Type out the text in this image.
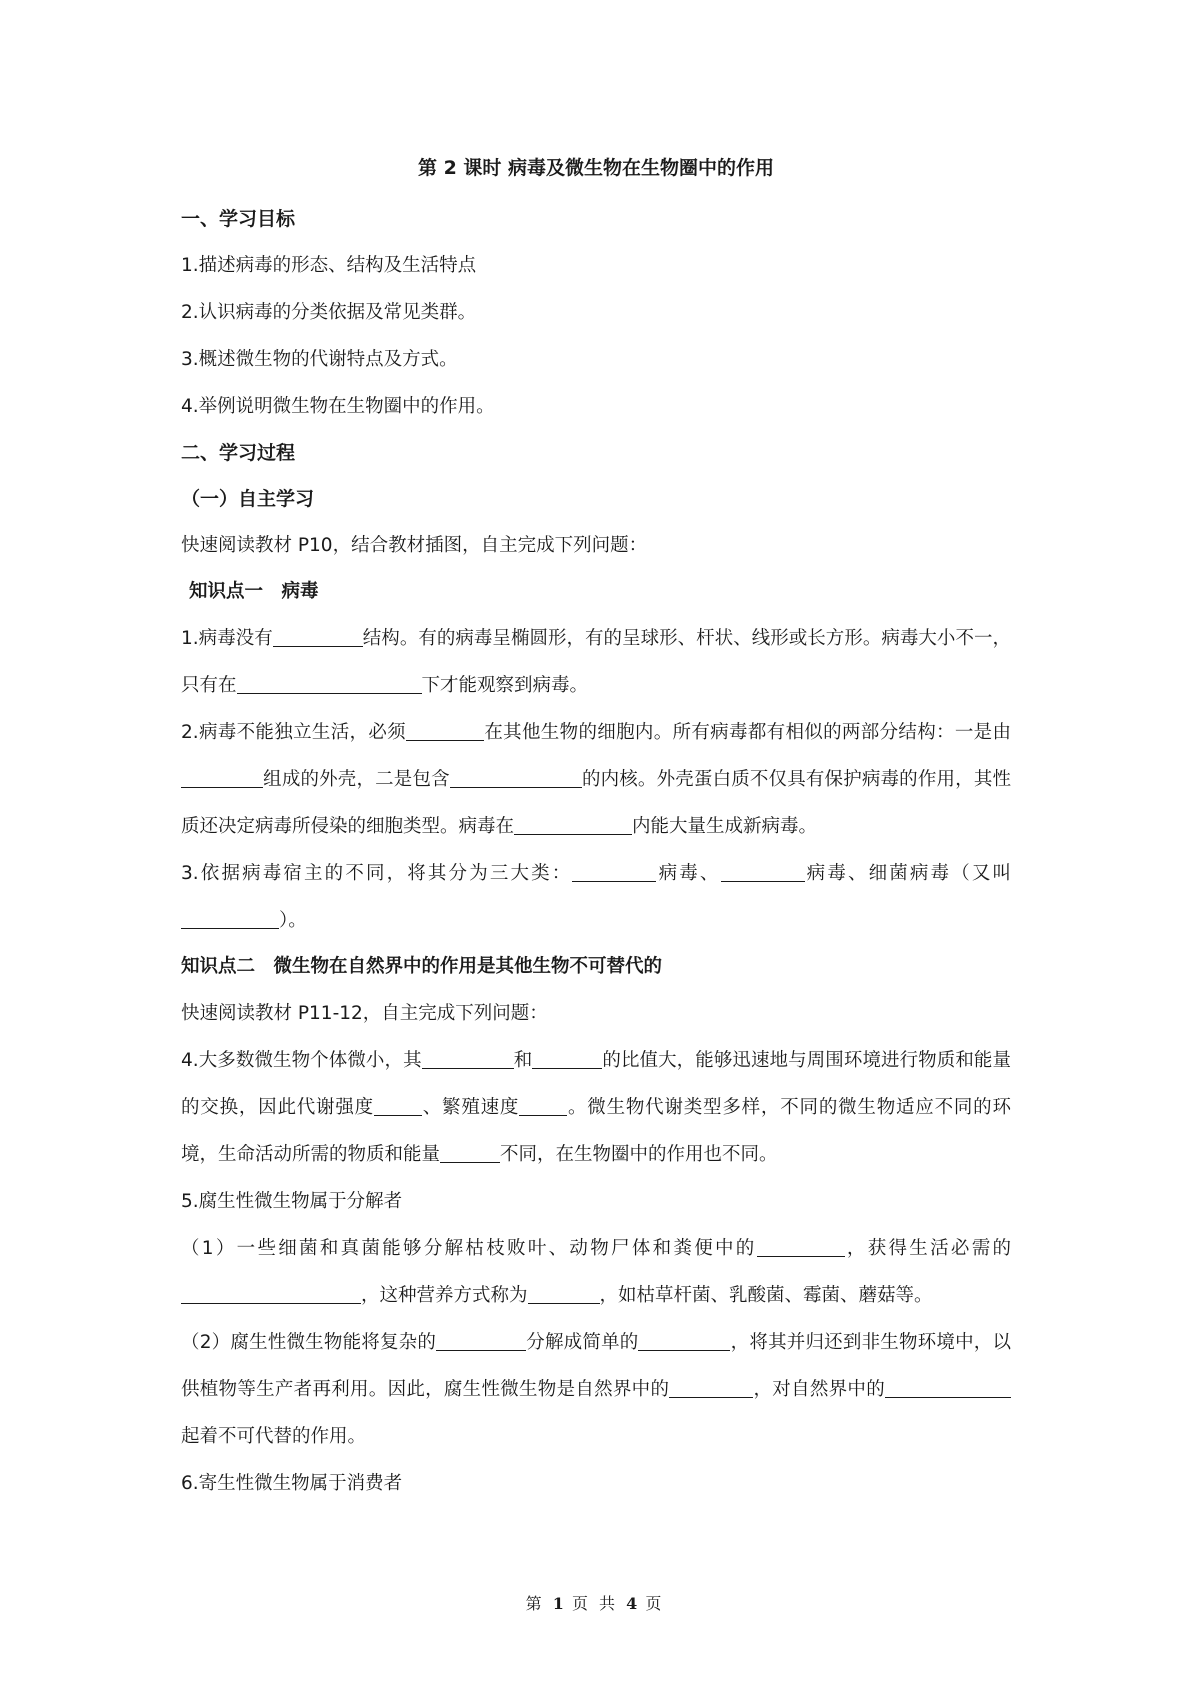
第 2 课时 病毒及微生物在生物圈中的作用
一、学习目标
1.描述病毒的形态、结构及生活特点
2.认识病毒的分类依据及常见类群。
3.概述微生物的代谢特点及方式。
4.举例说明微生物在生物圈中的作用。
二、学习过程
（一）自主学习
快速阅读教材 P10，结合教材插图，自主完成下列问题：
知识点一　病毒
1.病毒没有	结构。有的病毒呈椭圆形，有的呈球形、杆状、线形或长方形。病毒大小不一，只有在	下才能观察到病毒。
2.病毒不能独立生活，必须	在其他生物的细胞内。所有病毒都有相似的两部分结构：一是由组成的外壳，二是包含	的内核。外壳蛋白质不仅具有保护病毒的作用，其性质还决定病毒所侵染的细胞类型。病毒在	内能大量生成新病毒。
3.依据病毒宿主的不同，将其分为三大类：	病毒、	病毒、细菌病毒（又叫）。
知识点二　微生物在自然界中的作用是其他生物不可替代的
快速阅读教材 P11-12，自主完成下列问题：
4.大多数微生物个体微小，其	和	的比值大，能够迅速地与周围环境进行物质和能量的交换，因此代谢强度	、繁殖速度	。微生物代谢类型多样，不同的微生物适应不同的环境，生命活动所需的物质和能量	不同，在生物圈中的作用也不同。
5.腐生性微生物属于分解者
（1）一些细菌和真菌能够分解枯枝败叶、动物尸体和粪便中的	，获得生活必需的，这种营养方式称为	，如枯草杆菌、乳酸菌、霉菌、蘑菇等。
（2）腐生性微生物能将复杂的	分解成简单的	，将其并归还到非生物环境中，以供植物等生产者再利用。因此，腐生性微生物是自然界中的	，对自然界中的起着不可代替的作用。
6.寄生性微生物属于消费者
第 1 页 共 4 页
